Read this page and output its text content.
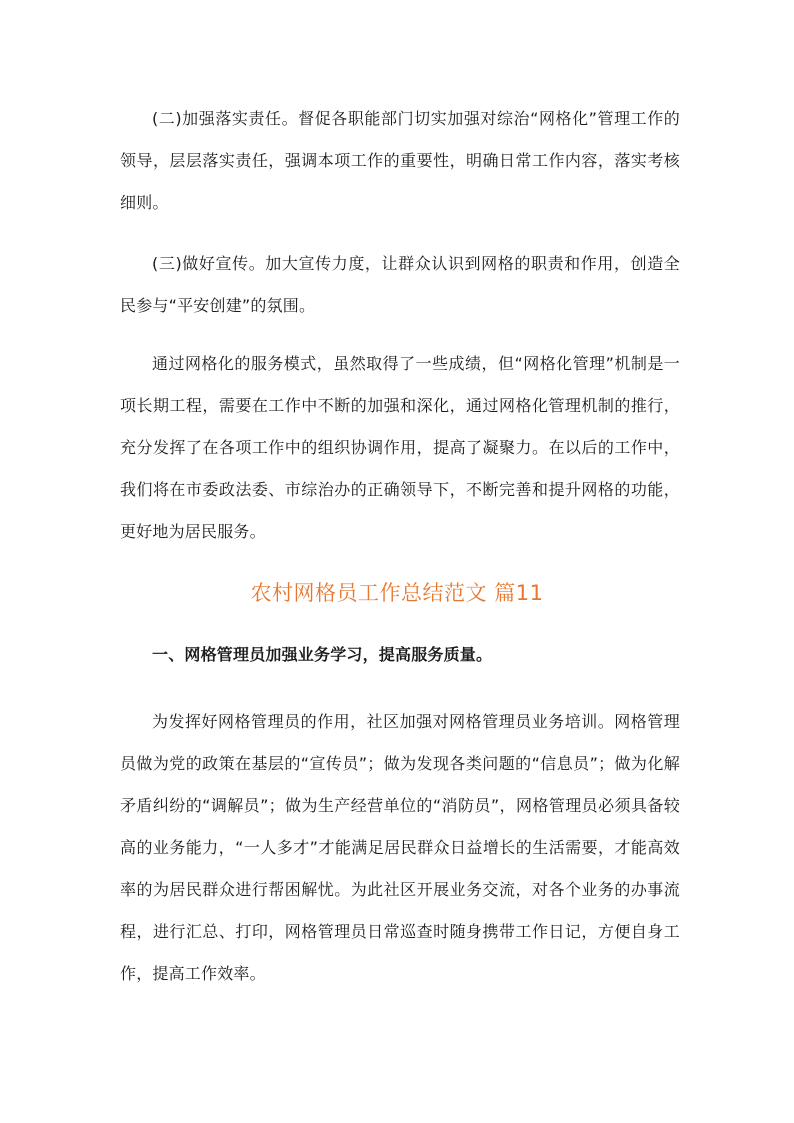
(二)加强落实责任。督促各职能部门切实加强对综治“网格化”管理工作的领导，层层落实责任，强调本项工作的重要性，明确日常工作内容，落实考核细则。

(三)做好宣传。加大宣传力度，让群众认识到网格的职责和作用，创造全民参与“平安创建”的氛围。

通过网格化的服务模式，虽然取得了一些成绩，但“网格化管理”机制是一项长期工程，需要在工作中不断的加强和深化，通过网格化管理机制的推行，充分发挥了在各项工作中的组织协调作用，提高了凝聚力。在以后的工作中，我们将在市委政法委、市综治办的正确领导下，不断完善和提升网格的功能，更好地为居民服务。

农村网格员工作总结范文 篇11
一、网格管理员加强业务学习，提高服务质量。

为发挥好网格管理员的作用，社区加强对网格管理员业务培训。网格管理员做为党的政策在基层的“宣传员”；做为发现各类问题的“信息员”；做为化解矛盾纠纷的“调解员”；做为生产经营单位的“消防员”，网格管理员必须具备较高的业务能力，“一人多才”才能满足居民群众日益增长的生活需要，才能高效率的为居民群众进行帮困解忧。为此社区开展业务交流，对各个业务的办事流程，进行汇总、打印，网格管理员日常巡查时随身携带工作日记，方便自身工作，提高工作效率。
